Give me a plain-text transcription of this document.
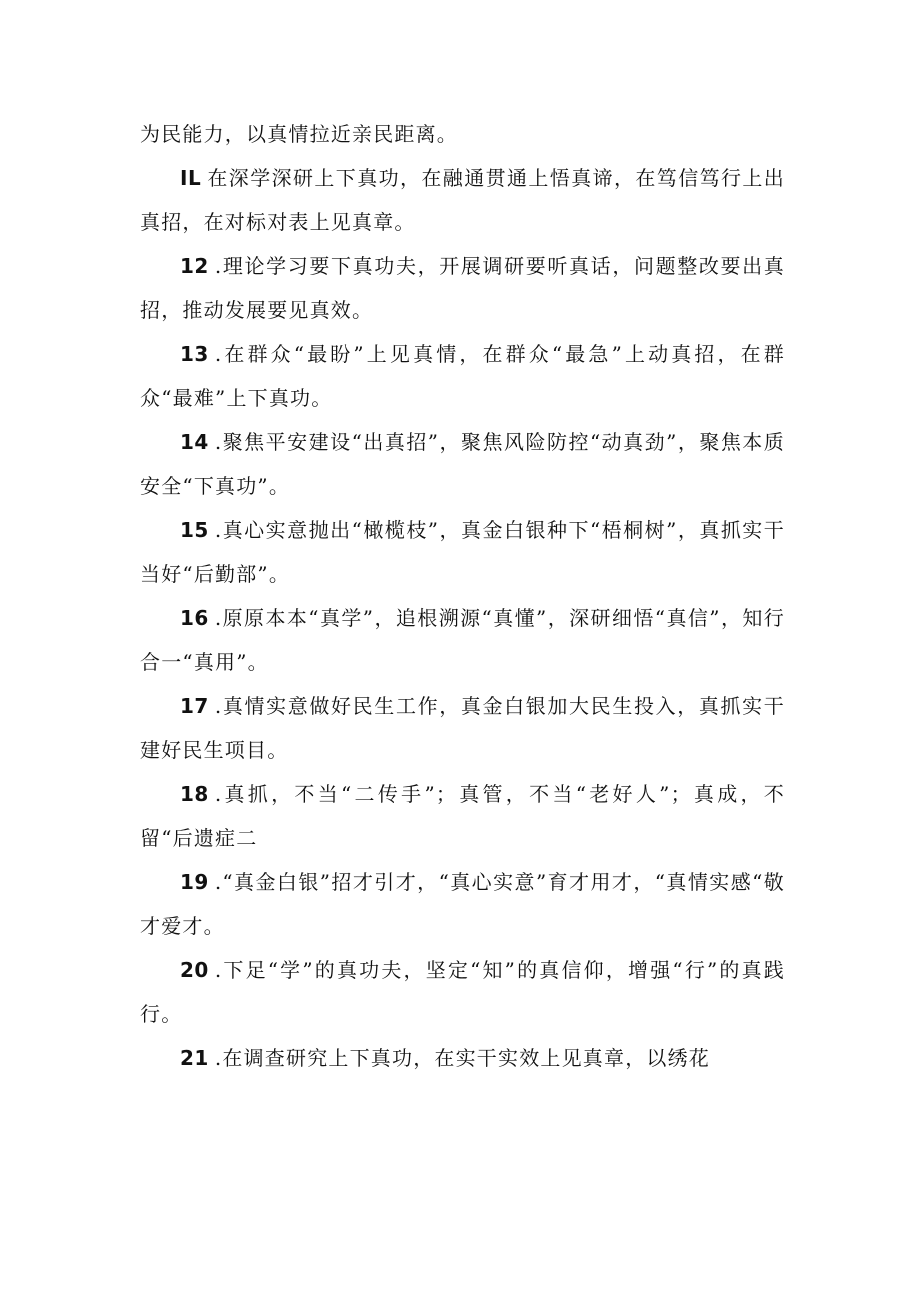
为民能力，以真情拉近亲民距离。

IL 在深学深研上下真功，在融通贯通上悟真谛，在笃信笃行上出真招，在对标对表上见真章。

12 .理论学习要下真功夫，开展调研要听真话，问题整改要出真招，推动发展要见真效。

13 .在群众“最盼”上见真情，在群众“最急”上动真招，在群众“最难”上下真功。

14 .聚焦平安建设“出真招”，聚焦风险防控“动真劲”，聚焦本质安全“下真功”。

15 .真心实意抛出“橄榄枝”，真金白银种下“梧桐树”，真抓实干当好“后勤部”。

16 .原原本本“真学”，追根溯源“真懂”，深研细悟“真信”，知行合一“真用”。

17 .真情实意做好民生工作，真金白银加大民生投入，真抓实干建好民生项目。

18 .真抓，不当“二传手”；真管，不当“老好人”；真成，不留“后遗症二

19 .“真金白银”招才引才，“真心实意”育才用才，“真情实感“敬才爱才。

20 .下足“学”的真功夫，坚定“知”的真信仰，增强“行”的真践行。

21 .在调查研究上下真功，在实干实效上见真章，以绣花
